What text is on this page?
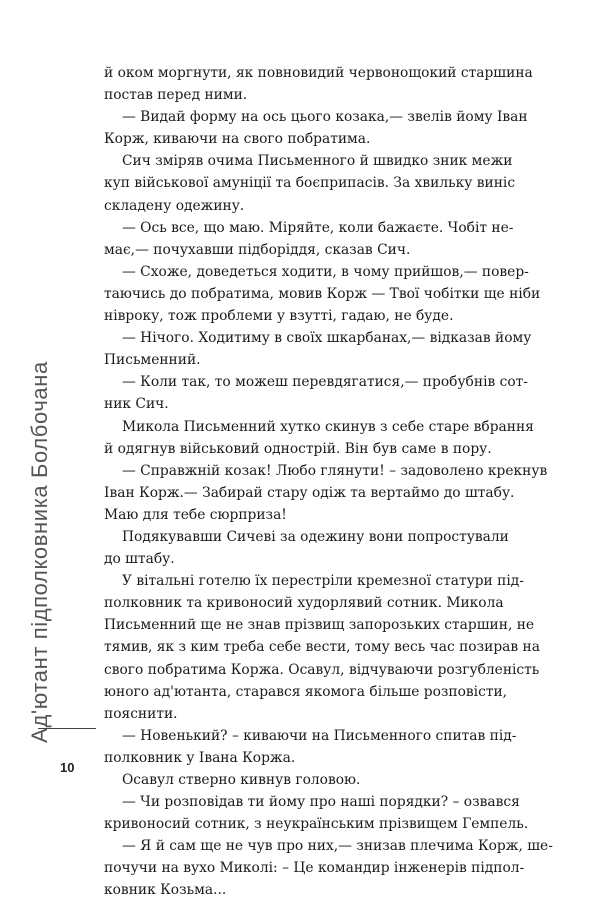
Ад'ютант підполковника Болбочана
10
й оком моргнути, як повновидий червонощокий старшина
постав перед ними.
— Видай форму на ось цього козака,— звелів йому Іван
Корж, киваючи на свого побратима.
Сич зміряв очима Письменного й швидко зник межи
куп військової амуніції та боєприпасів. За хвильку виніс
складену одежину.
— Ось все, що маю. Міряйте, коли бажаєте. Чобіт не-
має,— почухавши підборіддя, сказав Сич.
— Схоже, доведеться ходити, в чому прийшов,— повер-
таючись до побратима, мовив Корж — Твої чобітки ще ніби
нівроку, тож проблеми у взутті, гадаю, не буде.
— Нічого. Ходитиму в своїх шкарбанах,— відказав йому
Письменний.
— Коли так, то можеш перевдягатися,— пробубнів сот-
ник Сич.
Микола Письменний хутко скинув з себе старе вбрання
й одягнув військовий однострій. Він був саме в пору.
— Справжній козак! Любо глянути! – задоволено крекнув
Іван Корж.— Забирай стару одіж та вертаймо до штабу.
Маю для тебе сюрприза!
Подякувавши Сичеві за одежину вони попростували
до штабу.
У вітальні готелю їх перестріли кремезної статури під-
полковник та кривоносий худорлявий сотник. Микола
Письменний ще не знав прізвищ запорозьких старшин, не
тямив, як з ким треба себе вести, тому весь час позирав на
свого побратима Коржа. Осавул, відчуваючи розгубленість
юного ад'ютанта, старався якомога більше розповісти,
пояснити.
— Новенький? – киваючи на Письменного спитав під-
полковник у Івана Коржа.
Осавул стверно кивнув головою.
— Чи розповідав ти йому про наші порядки? – озвався
кривоносий сотник, з неукраїнським прізвищем Гемпель.
— Я й сам ще не чув про них,— знизав плечима Корж, ше-
почучи на вухо Миколі: – Це командир інженерів підпол-
ковник Козьма...
